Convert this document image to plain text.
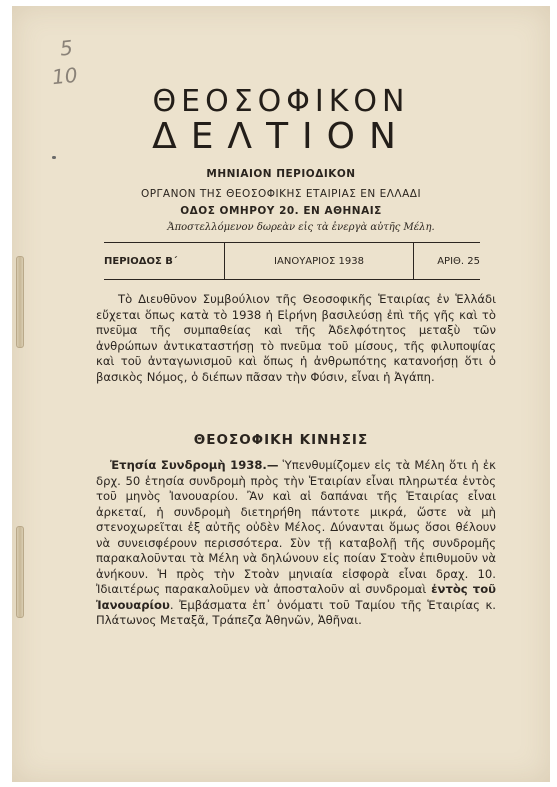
5
10
ΘΕΟΣΟΦΙΚΟΝ
ΔΕΛΤΙΟΝ
ΜΗΝΙΑΙΟΝ ΠΕΡΙΟΔΙΚΟΝ
ΟΡΓΑΝΟΝ ΤΗΣ ΘΕΟΣΟΦΙΚΗΣ ΕΤΑΙΡΙΑΣ ΕΝ ΕΛΛΑΔΙ
ΟΔΟΣ ΟΜΗΡΟΥ 20. ΕΝ ΑΘΗΝΑΙΣ
Ἀποστελλόμενον δωρεὰν εἰς τὰ ἐνεργὰ αὐτῆς Μέλη.
ΠΕΡΙΟΔΟΣ Β΄	ΙΑΝΟΥΑΡΙΟΣ 1938	ΑΡΙΘ. 25
Τὸ Διευθῦνον Συμβούλιον τῆς Θεοσοφικῆς Ἑταιρίας ἐν Ἑλλάδι εὔχεται ὅπως κατὰ τὸ 1938 ἡ Εἰρήνη βασιλεύσῃ ἐπὶ τῆς γῆς καὶ τὸ πνεῦμα τῆς συμπαθείας καὶ τῆς Ἀδελφότητος μεταξὺ τῶν ἀνθρώπων ἀντικαταστήσῃ τὸ πνεῦμα τοῦ μίσους, τῆς φιλυποψίας καὶ τοῦ ἀνταγωνισμοῦ καὶ ὅπως ἡ ἀνθρωπότης κατανοήσῃ ὅτι ὁ βασικὸς Νόμος, ὁ διέπων πᾶσαν τὴν Φύσιν, εἶναι ἡ Ἀγάπη.
ΘΕΟΣΟΦΙΚΗ ΚΙΝΗΣΙΣ
Ἐτησία Συνδρομὴ 1938.— Ὑπενθυμίζομεν εἰς τὰ Μέλη ὅτι ἡ ἐκ δρχ. 50 ἐτησία συνδρομὴ πρὸς τὴν Ἑταιρίαν εἶναι πληρωτέα ἐντὸς τοῦ μηνὸς Ἰανουαρίου. Ἂν καὶ αἱ δαπάναι τῆς Ἑταιρίας εἶναι ἀρκεταί, ἡ συνδρομὴ διετηρήθη πάντοτε μικρά, ὥστε νὰ μὴ στενοχωρεῖται ἐξ αὐτῆς οὐδὲν Μέλος. Δύνανται ὅμως ὅσοι θέλουν νὰ συνεισφέρουν περισσότερα. Σὺν τῇ καταβολῇ τῆς συνδρομῆς παρακαλοῦνται τὰ Μέλη νὰ δηλώνουν εἰς ποίαν Στοὰν ἐπιθυμοῦν νὰ ἀνήκουν. Ἡ πρὸς τὴν Στοὰν μηνιαία εἰσφορὰ εἶναι δραχ. 10. Ἰδιαιτέρως παρακαλοῦμεν νὰ ἀποσταλοῦν αἱ συνδρομαὶ ἐντὸς τοῦ Ἰανουαρίου. Ἐμβάσματα ἐπ᾽ ὀνόματι τοῦ Ταμίου τῆς Ἑταιρίας κ. Πλάτωνος Μεταξᾶ, Τράπεζα Ἀθηνῶν, Ἀθῆναι.
